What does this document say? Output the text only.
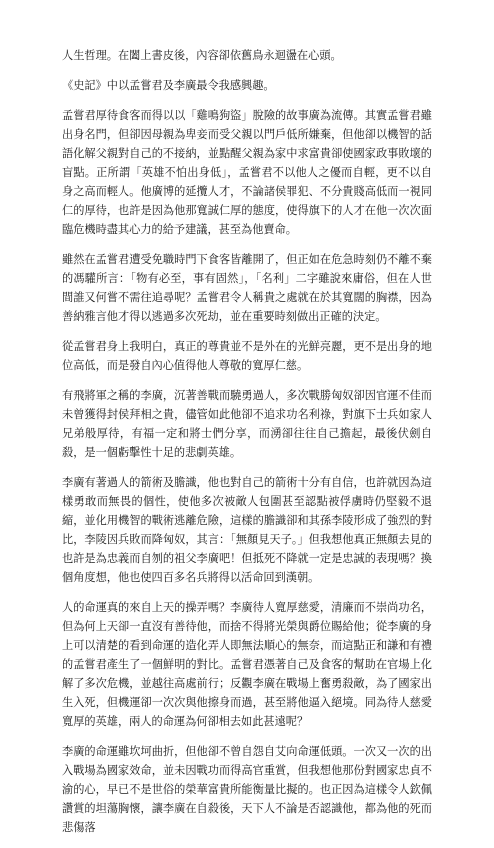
人生哲理。在闔上書皮後，內容卻依舊鳥永迴盪在心頭。

《史記》中以孟嘗君及李廣最令我感興趣。

孟嘗君厚待食客而得以以「雞鳴狗盜」脫險的故事廣為流傳。其實孟嘗君雖出身名門，但卻因母親為卑妾而受父親以門戶低所嫌棄，但他卻以機智的話語化解父親對自己的不接納，並點醒父親為家中求富貴卻使國家政事敗壞的盲點。正所謂「英雄不怕出身低」，孟嘗君不以他人之優而自輕，更不以自身之高而輕人。他廣博的延攬人才，不論諸侯罪犯、不分貴賤高低而一視同仁的厚待，也許是因為他那寬誠仁厚的態度，使得旗下的人才在他一次次面臨危機時盡其心力的給予建議，甚至為他賣命。

雖然在孟嘗君遭受免職時門下食客皆離開了，但正如在危急時刻仍不離不棄的馮驩所言：「物有必至，事有固然」，「名利」二字雖說來庸俗，但在人世間誰又何嘗不需往追尋呢？孟嘗君令人稱貴之處就在於其寬闊的胸襟，因為善納雅言他才得以逃過多次死劫，並在重要時刻做出正確的決定。

從孟嘗君身上我明白，真正的尊貴並不是外在的光鮮亮麗，更不是出身的地位高低，而是發自內心值得他人尊敬的寬厚仁慈。

有飛將軍之稱的李廣，沉著善戰而驍勇過人，多次戰勝匈奴卻因官運不佳而未曾獲得封侯拜相之貴，儘管如此他卻不追求功名利祿，對旗下士兵如家人兄弟般厚待，有福一定和將士們分享，而湧卻往往自己擔起，最後伏劍自殺，是一個虧擊性十足的悲劇英雄。

李廣有著過人的箭術及膽識，他也對自己的箭術十分有自信，也許就因為這樣勇敢而無畏的個性，使他多次被敵人包圍甚至認點被俘虜時仍堅毅不退縮，並化用機智的戰術逃離危險，這樣的膽識卻和其孫李陵形成了強烈的對比，李陵因兵敗而降匈奴，其言：「無顏見天子。」但我想他真正無顏去見的也許是為忠義而自刎的祖父李廣吧！但抵死不降就一定是忠誠的表現嗎？換個角度想，他也使四百多名兵將得以活命回到漢朝。

人的命運真的來自上天的操弄嗎？李廣待人寬厚慈愛，清廉而不崇尚功名，但為何上天卻一直沒有善待他，而捨不得將光榮與爵位賜給他；從李廣的身上可以清楚的看到命運的造化弄人即無法順心的無奈，而這點正和謙和有禮的孟嘗君產生了一個鮮明的對比。孟嘗君憑著自己及食客的幫助在官場上化解了多次危機，並越往高處前行；反觀李廣在戰場上奮勇殺敵，為了國家出生入死，但機運卻一次次與他擦身而過，甚至將他逼入絕境。同為待人慈愛寬厚的英雄，兩人的命運為何卻相去如此甚遠呢？

李廣的命運雖坎坷曲折，但他卻不曾自怨自艾向命運低頭。一次又一次的出入戰場為國家效命，並未因戰功而得高官重賞，但我想他那份對國家忠貞不渝的心，早已不是世俗的榮華富貴所能衡量比擬的。也正因為這樣令人欽佩讚賞的坦蕩胸懷，讓李廣在自殺後，天下人不論是否認識他，都為他的死而悲傷落
